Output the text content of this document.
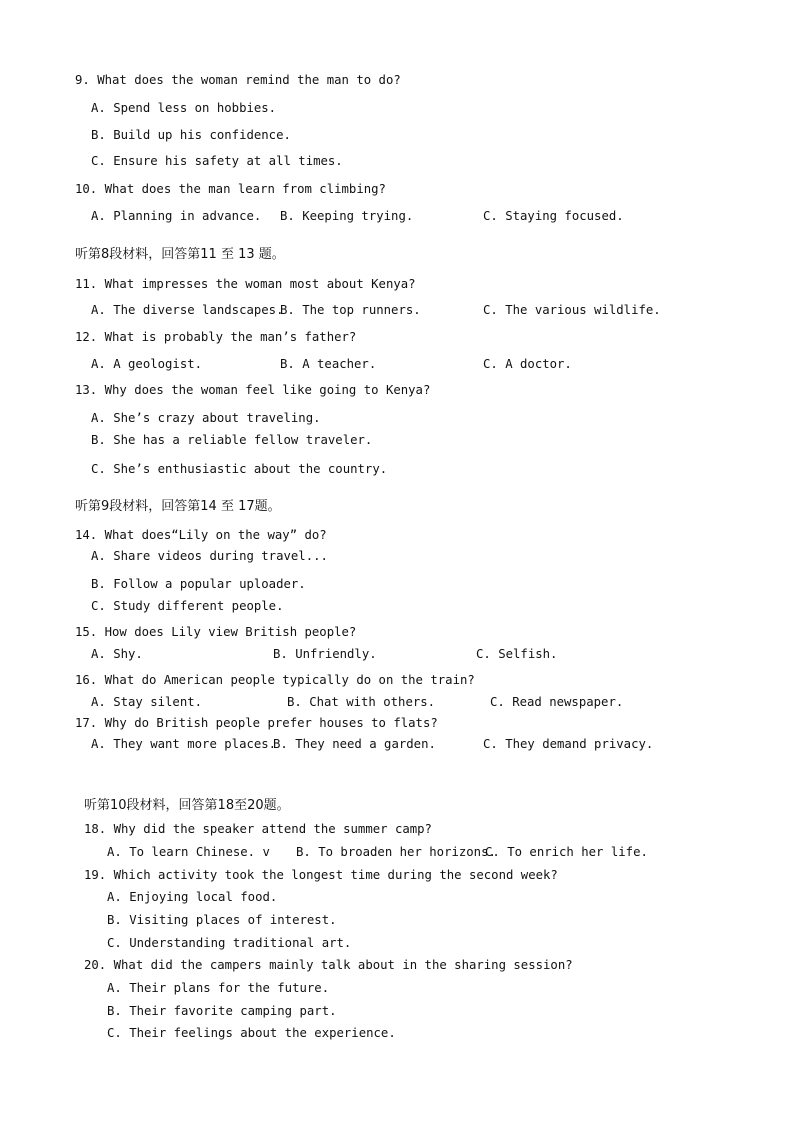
9. What does the woman remind the man to do?
A. Spend less on hobbies.
B. Build up his confidence.
C. Ensure his safety at all times.
10. What does the man learn from climbing?
A. Planning in advance. B. Keeping trying.	C. Staying focused.
听第8段材料，回答第11 至 13 题。
11. What impresses the woman most about Kenya?
A. The diverse landscapes.
B. The top runners.	C. The various wildlife.
12. What is probably the man’s father?
A. A geologist.	B. A teacher.	C. A doctor.
13. Why does the woman feel like going to Kenya?
A. She’s crazy about traveling.
B. She has a reliable fellow traveler.
C. She’s enthusiastic about the country.
听第9段材料，回答第14 至 17题。
14. What does“Lily on the way” do?
A. Share videos during travel...
B. Follow a popular uploader.
C. Study different people.
15. How does Lily view British people?
A. Shy.	B. Unfriendly.	C. Selfish.
16. What do American people typically do on the train?
A. Stay silent.	B. Chat with others.	C. Read newspaper.
17. Why do British people prefer houses to flats?
A. They want more places.
B. They need a garden.	C. They demand privacy.
听第10段材料，回答第18至20题。
18. Why did the speaker attend the summer camp?
A. To learn Chinese. v B. To broaden her horizons.
C. To enrich her life.
19. Which activity took the longest time during the second week?
A. Enjoying local food.
B. Visiting places of interest.
C. Understanding traditional art.
20. What did the campers mainly talk about in the sharing session?
A. Their plans for the future.
B. Their favorite camping part.
C. Their feelings about the experience.
